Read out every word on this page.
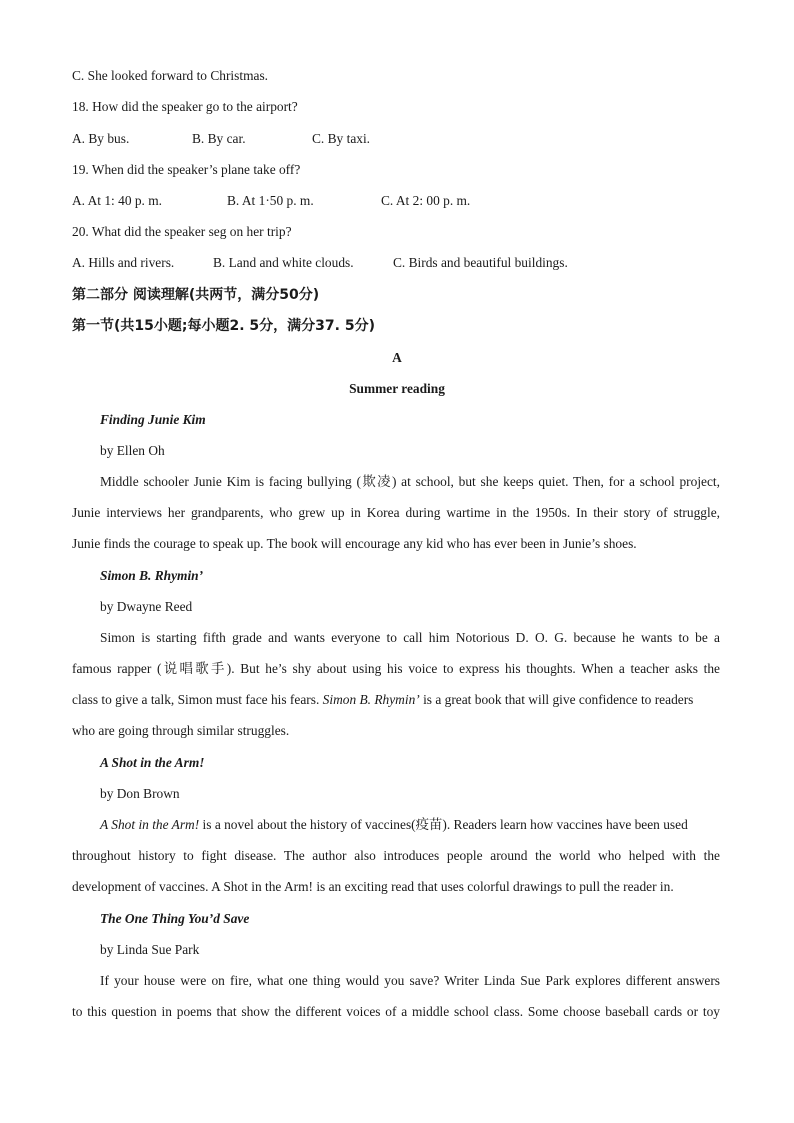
C. She looked forward to Christmas.
18. How did the speaker go to the airport?
A. By bus.	B. By car.	C. By taxi.
19. When did the speaker’s plane take off?
A. At 1: 40 p. m.	B. At 1·50 p. m.	C. At 2: 00 p. m.
20. What did the speaker seg on her trip?
A. Hills and rivers.	B. Land and white clouds.	C. Birds and beautiful buildings.
第二部分 阅读理解(共两节，满分50分)
第一节(共15小题;每小题2. 5分，满分37. 5分)
A
Summer reading
Finding Junie Kim
by Ellen Oh
Middle schooler Junie Kim is facing bullying (欺凌) at school, but she keeps quiet. Then, for a school project,
Junie interviews her grandparents, who grew up in Korea during wartime in the 1950s. In their story of struggle,
Junie finds the courage to speak up. The book will encourage any kid who has ever been in Junie’s shoes.
Simon B. Rhymin’
by Dwayne Reed
Simon is starting fifth grade and wants everyone to call him Notorious D. O. G. because he wants to be a
famous rapper (说唱歌手). But he’s shy about using his voice to express his thoughts. When a teacher asks the
class to give a talk, Simon must face his fears. Simon B. Rhymin’ is a great book that will give confidence to readers
who are going through similar struggles.
A Shot in the Arm!
by Don Brown
A Shot in the Arm! is a novel about the history of vaccines(疫苗). Readers learn how vaccines have been used
throughout history to fight disease. The author also introduces people around the world who helped with the
development of vaccines. A Shot in the Arm! is an exciting read that uses colorful drawings to pull the reader in.
The One Thing You’d Save
by Linda Sue Park
If your house were on fire, what one thing would you save? Writer Linda Sue Park explores different answers
to this question in poems that show the different voices of a middle school class. Some choose baseball cards or toy
